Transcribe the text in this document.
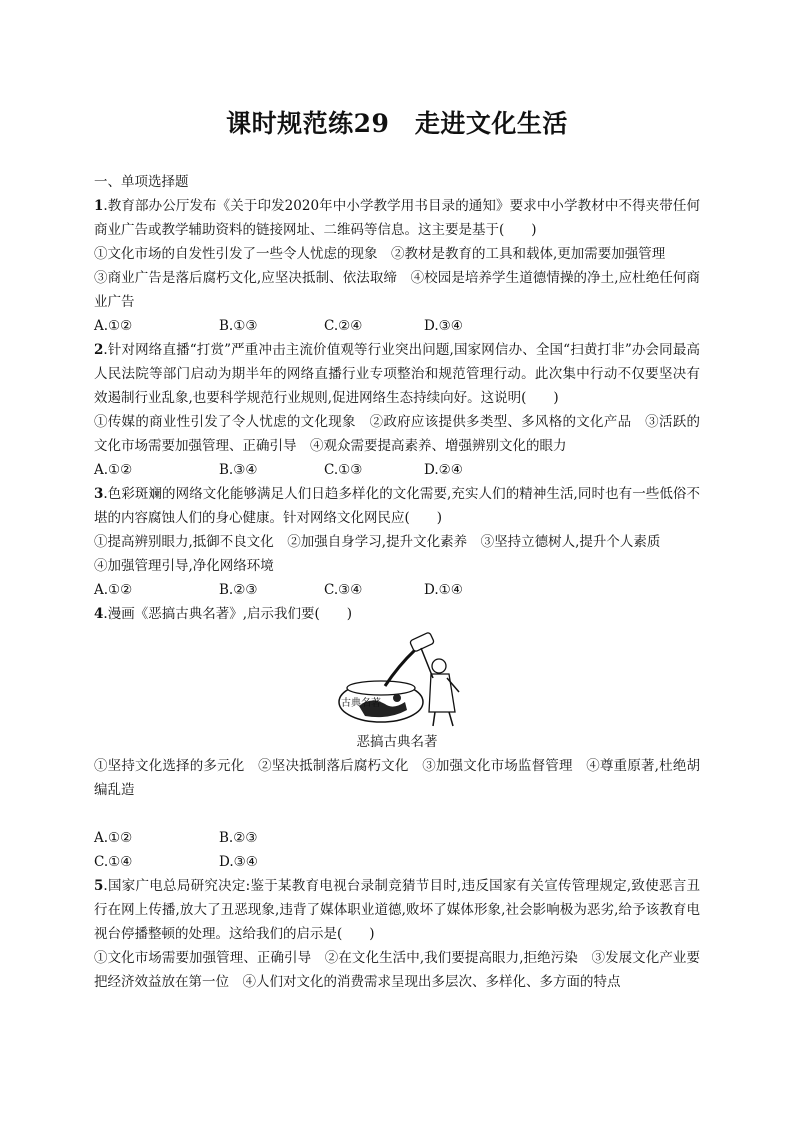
课时规范练29　走进文化生活

一、单项选择题

1.教育部办公厅发布《关于印发2020年中小学教学用书目录的通知》要求中小学教材中不得夹带任何商业广告或教学辅助资料的链接网址、二维码等信息。这主要是基于(　　)

①文化市场的自发性引发了一些令人忧虑的现象　②教材是教育的工具和载体,更加需要加强管理

③商业广告是落后腐朽文化,应坚决抵制、依法取缔　④校园是培养学生道德情操的净土,应杜绝任何商业广告

A.①②	B.①③	C.②④	D.③④

2.针对网络直播“打赏”严重冲击主流价值观等行业突出问题,国家网信办、全国“扫黄打非”办会同最高人民法院等部门启动为期半年的网络直播行业专项整治和规范管理行动。此次集中行动不仅要坚决有效遏制行业乱象,也要科学规范行业规则,促进网络生态持续向好。这说明(　　)

①传媒的商业性引发了令人忧虑的文化现象　②政府应该提供多类型、多风格的文化产品　③活跃的文化市场需要加强管理、正确引导　④观众需要提高素养、增强辨别文化的眼力

A.①②	B.③④	C.①③	D.②④

3.色彩斑斓的网络文化能够满足人们日趋多样化的文化需要,充实人们的精神生活,同时也有一些低俗不堪的内容腐蚀人们的身心健康。针对网络文化网民应(　　)

①提高辨别眼力,抵御不良文化　②加强自身学习,提升文化素养　③坚持立德树人,提升个人素质

④加强管理引导,净化网络环境

A.①②	B.②③	C.③④	D.①④

4.漫画《恶搞古典名著》,启示我们要(　　)

古典名著

恶搞古典名著

①坚持文化选择的多元化　②坚决抵制落后腐朽文化　③加强文化市场监督管理　④尊重原著,杜绝胡编乱造

A.①②	B.②③
C.①④	D.③④

5.国家广电总局研究决定:鉴于某教育电视台录制竞猜节目时,违反国家有关宣传管理规定,致使恶言丑行在网上传播,放大了丑恶现象,违背了媒体职业道德,败坏了媒体形象,社会影响极为恶劣,给予该教育电视台停播整顿的处理。这给我们的启示是(　　)

①文化市场需要加强管理、正确引导　②在文化生活中,我们要提高眼力,拒绝污染　③发展文化产业要把经济效益放在第一位　④人们对文化的消费需求呈现出多层次、多样化、多方面的特点
